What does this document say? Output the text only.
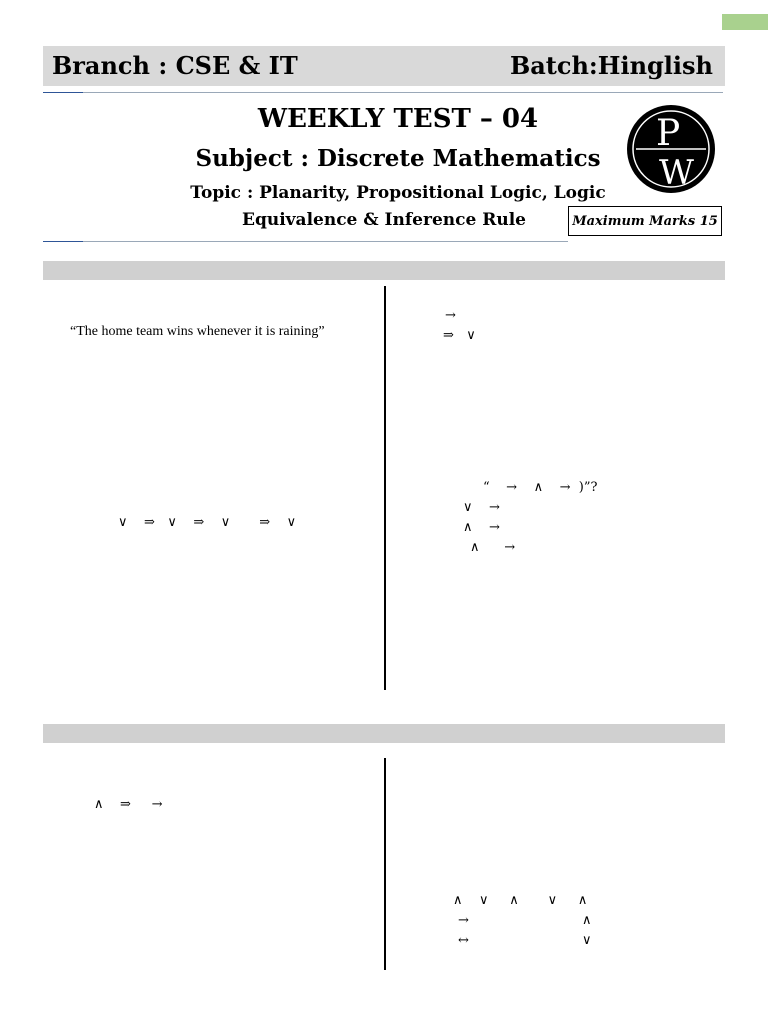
Branch : CSE & IT	Batch:Hinglish
WEEKLY TEST – 04
Subject : Discrete Mathematics
Topic : Planarity, Propositional Logic, Logic
Equivalence & Inference Rule
P
W
Maximum Marks 15
“The home team wins whenever it is raining”
∨    ⇒   ∨    ⇒    ∨       ⇒    ∨
→
⇒   ∨
“    →    ∧    →  )”?
∨    →
∧    →
∧      →
∧    ⇒     →
∧    ∨     ∧       ∨     ∧
→	∧
↔	∨
